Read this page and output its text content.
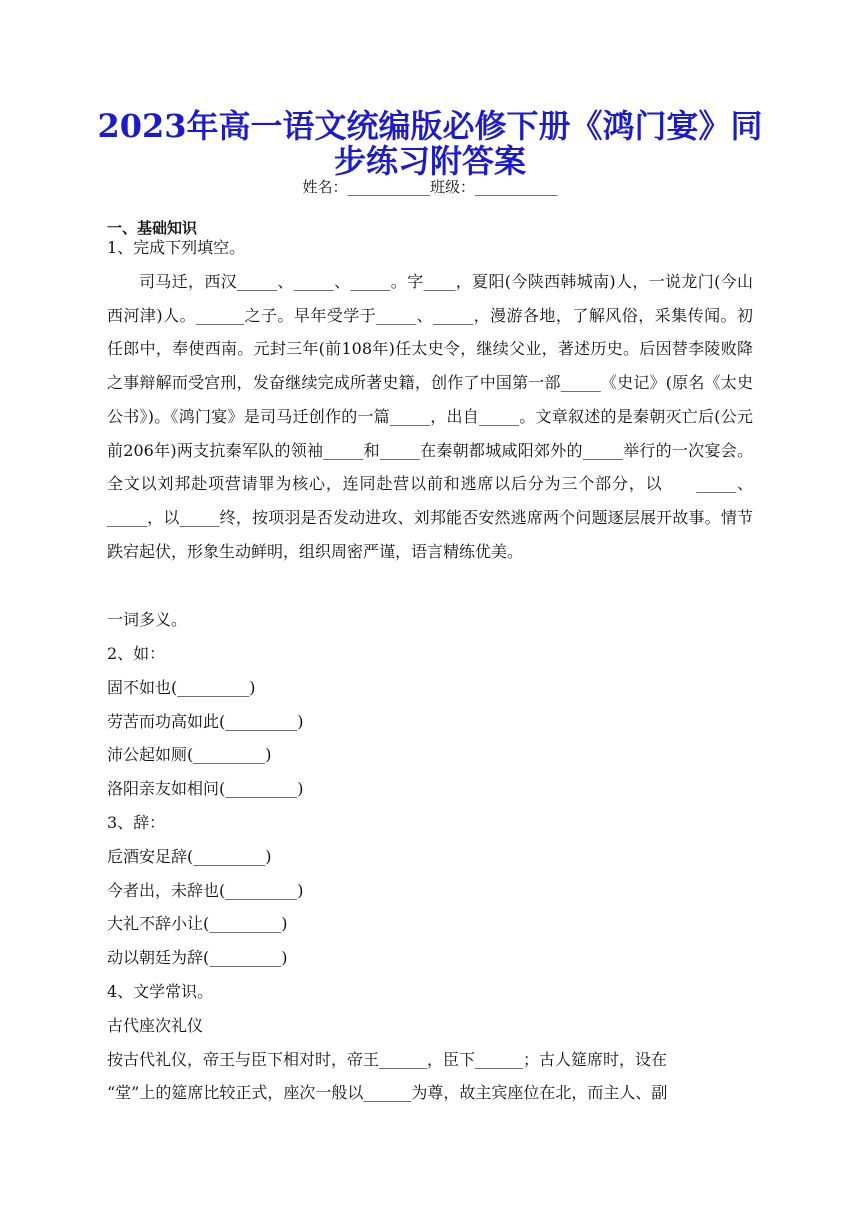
2023年高一语文统编版必修下册《鸿门宴》同
步练习附答案
姓名：___________班级：___________
一、基础知识
1、完成下列填空。
司马迁，西汉_____、_____、_____。字____，夏阳(今陕西韩城南)人，一说龙门(今山西河津)人。______之子。早年受学于_____、_____，漫游各地，了解风俗，采集传闻。初任郎中，奉使西南。元封三年(前108年)任太史令，继续父业，著述历史。后因替李陵败降之事辩解而受宫刑，发奋继续完成所著史籍，创作了中国第一部_____《史记》(原名《太史公书》)。《鸿门宴》是司马迁创作的一篇_____，出自_____。文章叙述的是秦朝灭亡后(公元前206年)两支抗秦军队的领袖_____和_____在秦朝都城咸阳郊外的_____举行的一次宴会。全文以刘邦赴项营请罪为核心，连同赴营以前和逃席以后分为三个部分，以　　_____、_____，以_____终，按项羽是否发动进攻、刘邦能否安然逃席两个问题逐层展开故事。情节跌宕起伏，形象生动鲜明，组织周密严谨，语言精练优美。
一词多义。
2、如：
固不如也(_________)
劳苦而功高如此(_________)
沛公起如厕(_________)
洛阳亲友如相问(_________)
3、辞：
卮酒安足辞(_________)
今者出，未辞也(_________)
大礼不辞小让(_________)
动以朝廷为辞(_________)
4、文学常识。
古代座次礼仪
按古代礼仪，帝王与臣下相对时，帝王______，臣下______；古人筵席时，设在
“堂”上的筵席比较正式，座次一般以______为尊，故主宾座位在北，而主人、副
